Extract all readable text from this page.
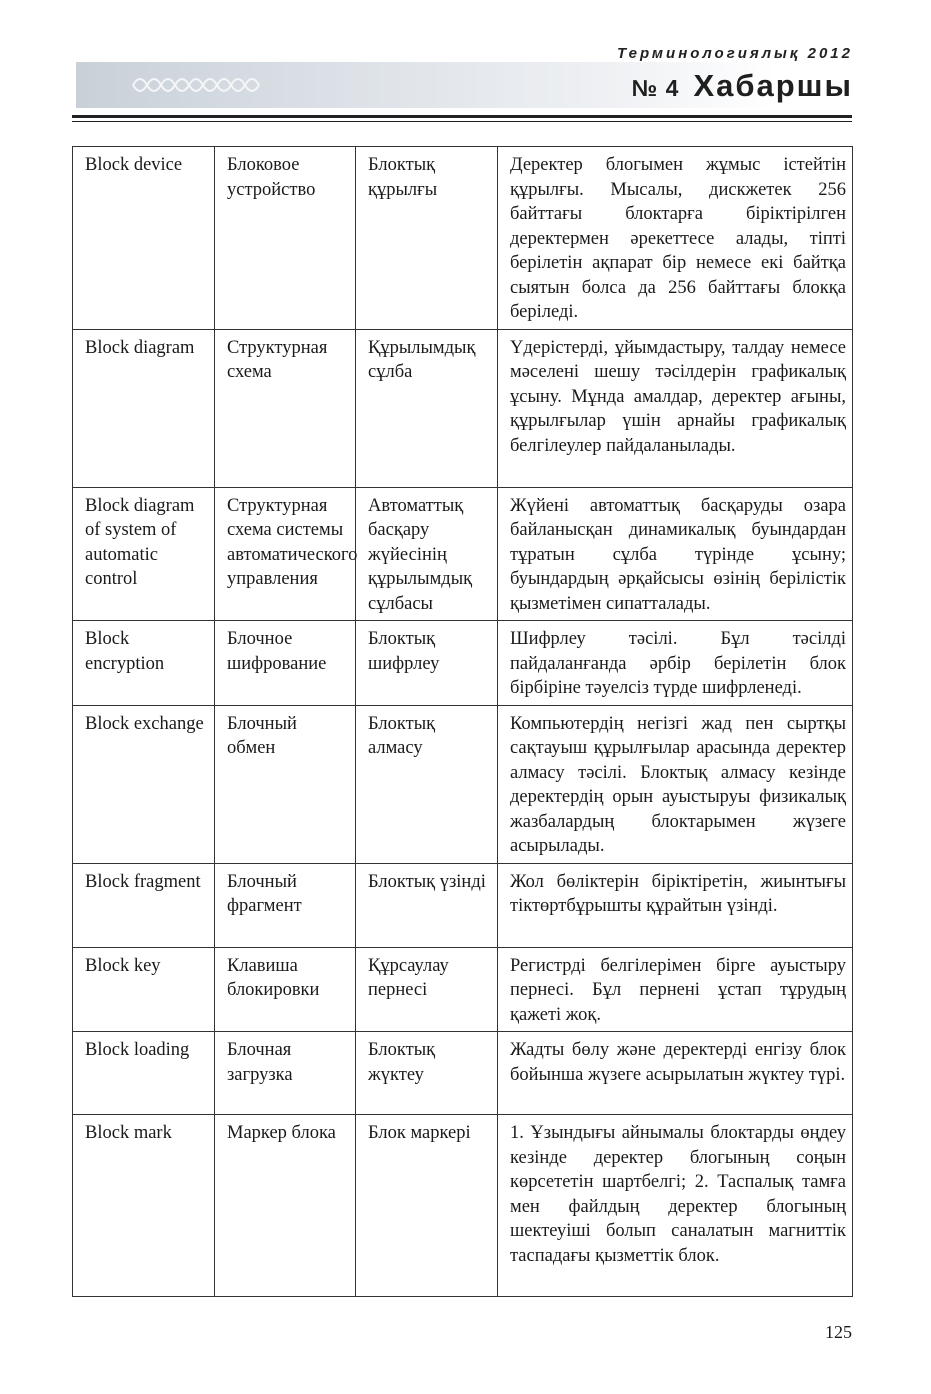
Терминологиялық 2012
№ 4 Хабаршы
Block device	Блоковое устройство	Блоктық құрылғы	Деректер блогымен жұмыс істейтін құрылғы. Мысалы, дискжетек 256 байттағы блоктарға біріктірілген деректермен әрекеттесе алады, тіпті берілетін ақпарат бір немесе екі байтқа сыятын болса да 256 байттағы блокқа беріледі.
Block diagram	Структурная схема	Құрылымдық сұлба	Үдерістерді, ұйымдастыру, талдау немесе мәселені шешу тәсілдерін графикалық ұсыну. Мұнда амалдар, деректер ағыны, құрылғылар үшін арнайы графикалық белгілеулер пайдаланылады.
Block diagram of system of automatic control	Структурная схема системы автоматического управления	Автоматтық басқару жүйесінің құрылымдық сұлбасы	Жүйені автоматтық басқаруды озара байланысқан динамикалық буындардан тұратын сұлба түрінде ұсыну; буындардың әрқайсысы өзінің берілістік қызметімен сипатталады.
Block encryption	Блочное шифрование	Блоктық шифрлеу	Шифрлеу тәсілі. Бұл тәсілді пайдаланғанда әрбір берілетін блок бірбіріне тәуелсіз түрде шифрленеді.
Block exchange	Блочный обмен	Блоктық алмасу	Компьютердің негізгі жад пен сыртқы сақтауыш құрылғылар арасында деректер алмасу тәсілі. Блоктық алмасу кезінде деректердің орын ауыстыруы физикалық жазбалардың блоктарымен жүзеге асырылады.
Block fragment	Блочный фрагмент	Блоктық үзінді	Жол бөліктерін біріктіретін, жиынтығы тіктөртбұрышты құрайтын үзінді.
Block key	Клавиша блокировки	Құрсаулау пернесі	Регистрді белгілерімен бірге ауыстыру пернесі. Бұл пернені ұстап тұрудың қажеті жоқ.
Block loading	Блочная загрузка	Блоктық жүктеу	Жадты бөлу және деректерді енгізу блок бойынша жүзеге асырылатын жүктеу түрі.
Block mark	Маркер блока	Блок маркері	1. Ұзындығы айнымалы блоктарды өңдеу кезінде деректер блогының соңын көрсететін шартбелгі; 2. Таспалық тамға мен файлдың деректер блогының шектеуіші болып саналатын магниттік таспадағы қызметтік блок.
125
